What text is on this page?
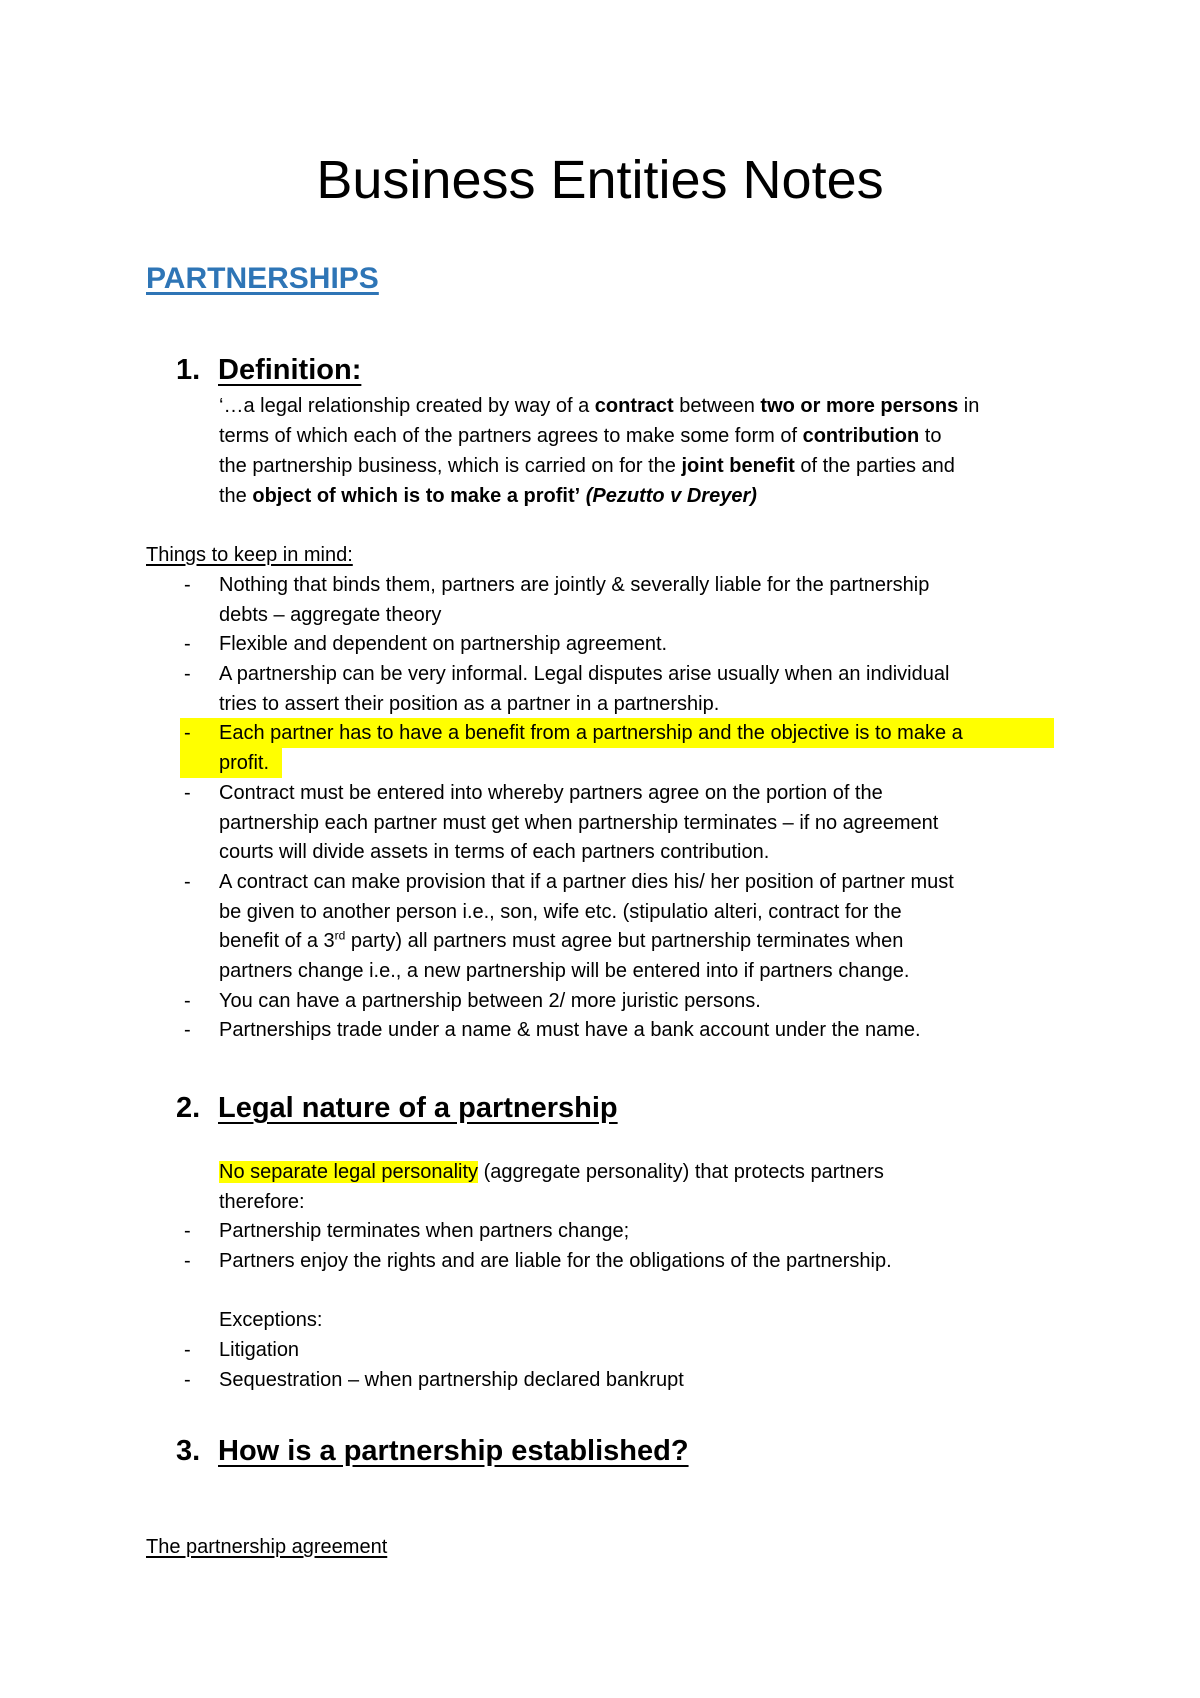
Business Entities Notes
PARTNERSHIPS
1. Definition:
‘…a legal relationship created by way of a contract between two or more persons in
terms of which each of the partners agrees to make some form of contribution to
the partnership business, which is carried on for the joint benefit of the parties and
the object of which is to make a profit’ (Pezutto v Dreyer)
Things to keep in mind:
- Nothing that binds them, partners are jointly & severally liable for the partnership
debts – aggregate theory
- Flexible and dependent on partnership agreement.
- A partnership can be very informal. Legal disputes arise usually when an individual
tries to assert their position as a partner in a partnership.
- Each partner has to have a benefit from a partnership and the objective is to make a
profit.
- Contract must be entered into whereby partners agree on the portion of the
partnership each partner must get when partnership terminates – if no agreement
courts will divide assets in terms of each partners contribution.
- A contract can make provision that if a partner dies his/ her position of partner must
be given to another person i.e., son, wife etc. (stipulatio alteri, contract for the
benefit of a 3rd party) all partners must agree but partnership terminates when
partners change i.e., a new partnership will be entered into if partners change.
- You can have a partnership between 2/ more juristic persons.
- Partnerships trade under a name & must have a bank account under the name.
2. Legal nature of a partnership
No separate legal personality (aggregate personality) that protects partners
therefore:
- Partnership terminates when partners change;
- Partners enjoy the rights and are liable for the obligations of the partnership.
Exceptions:
- Litigation
- Sequestration – when partnership declared bankrupt
3. How is a partnership established?
The partnership agreement
